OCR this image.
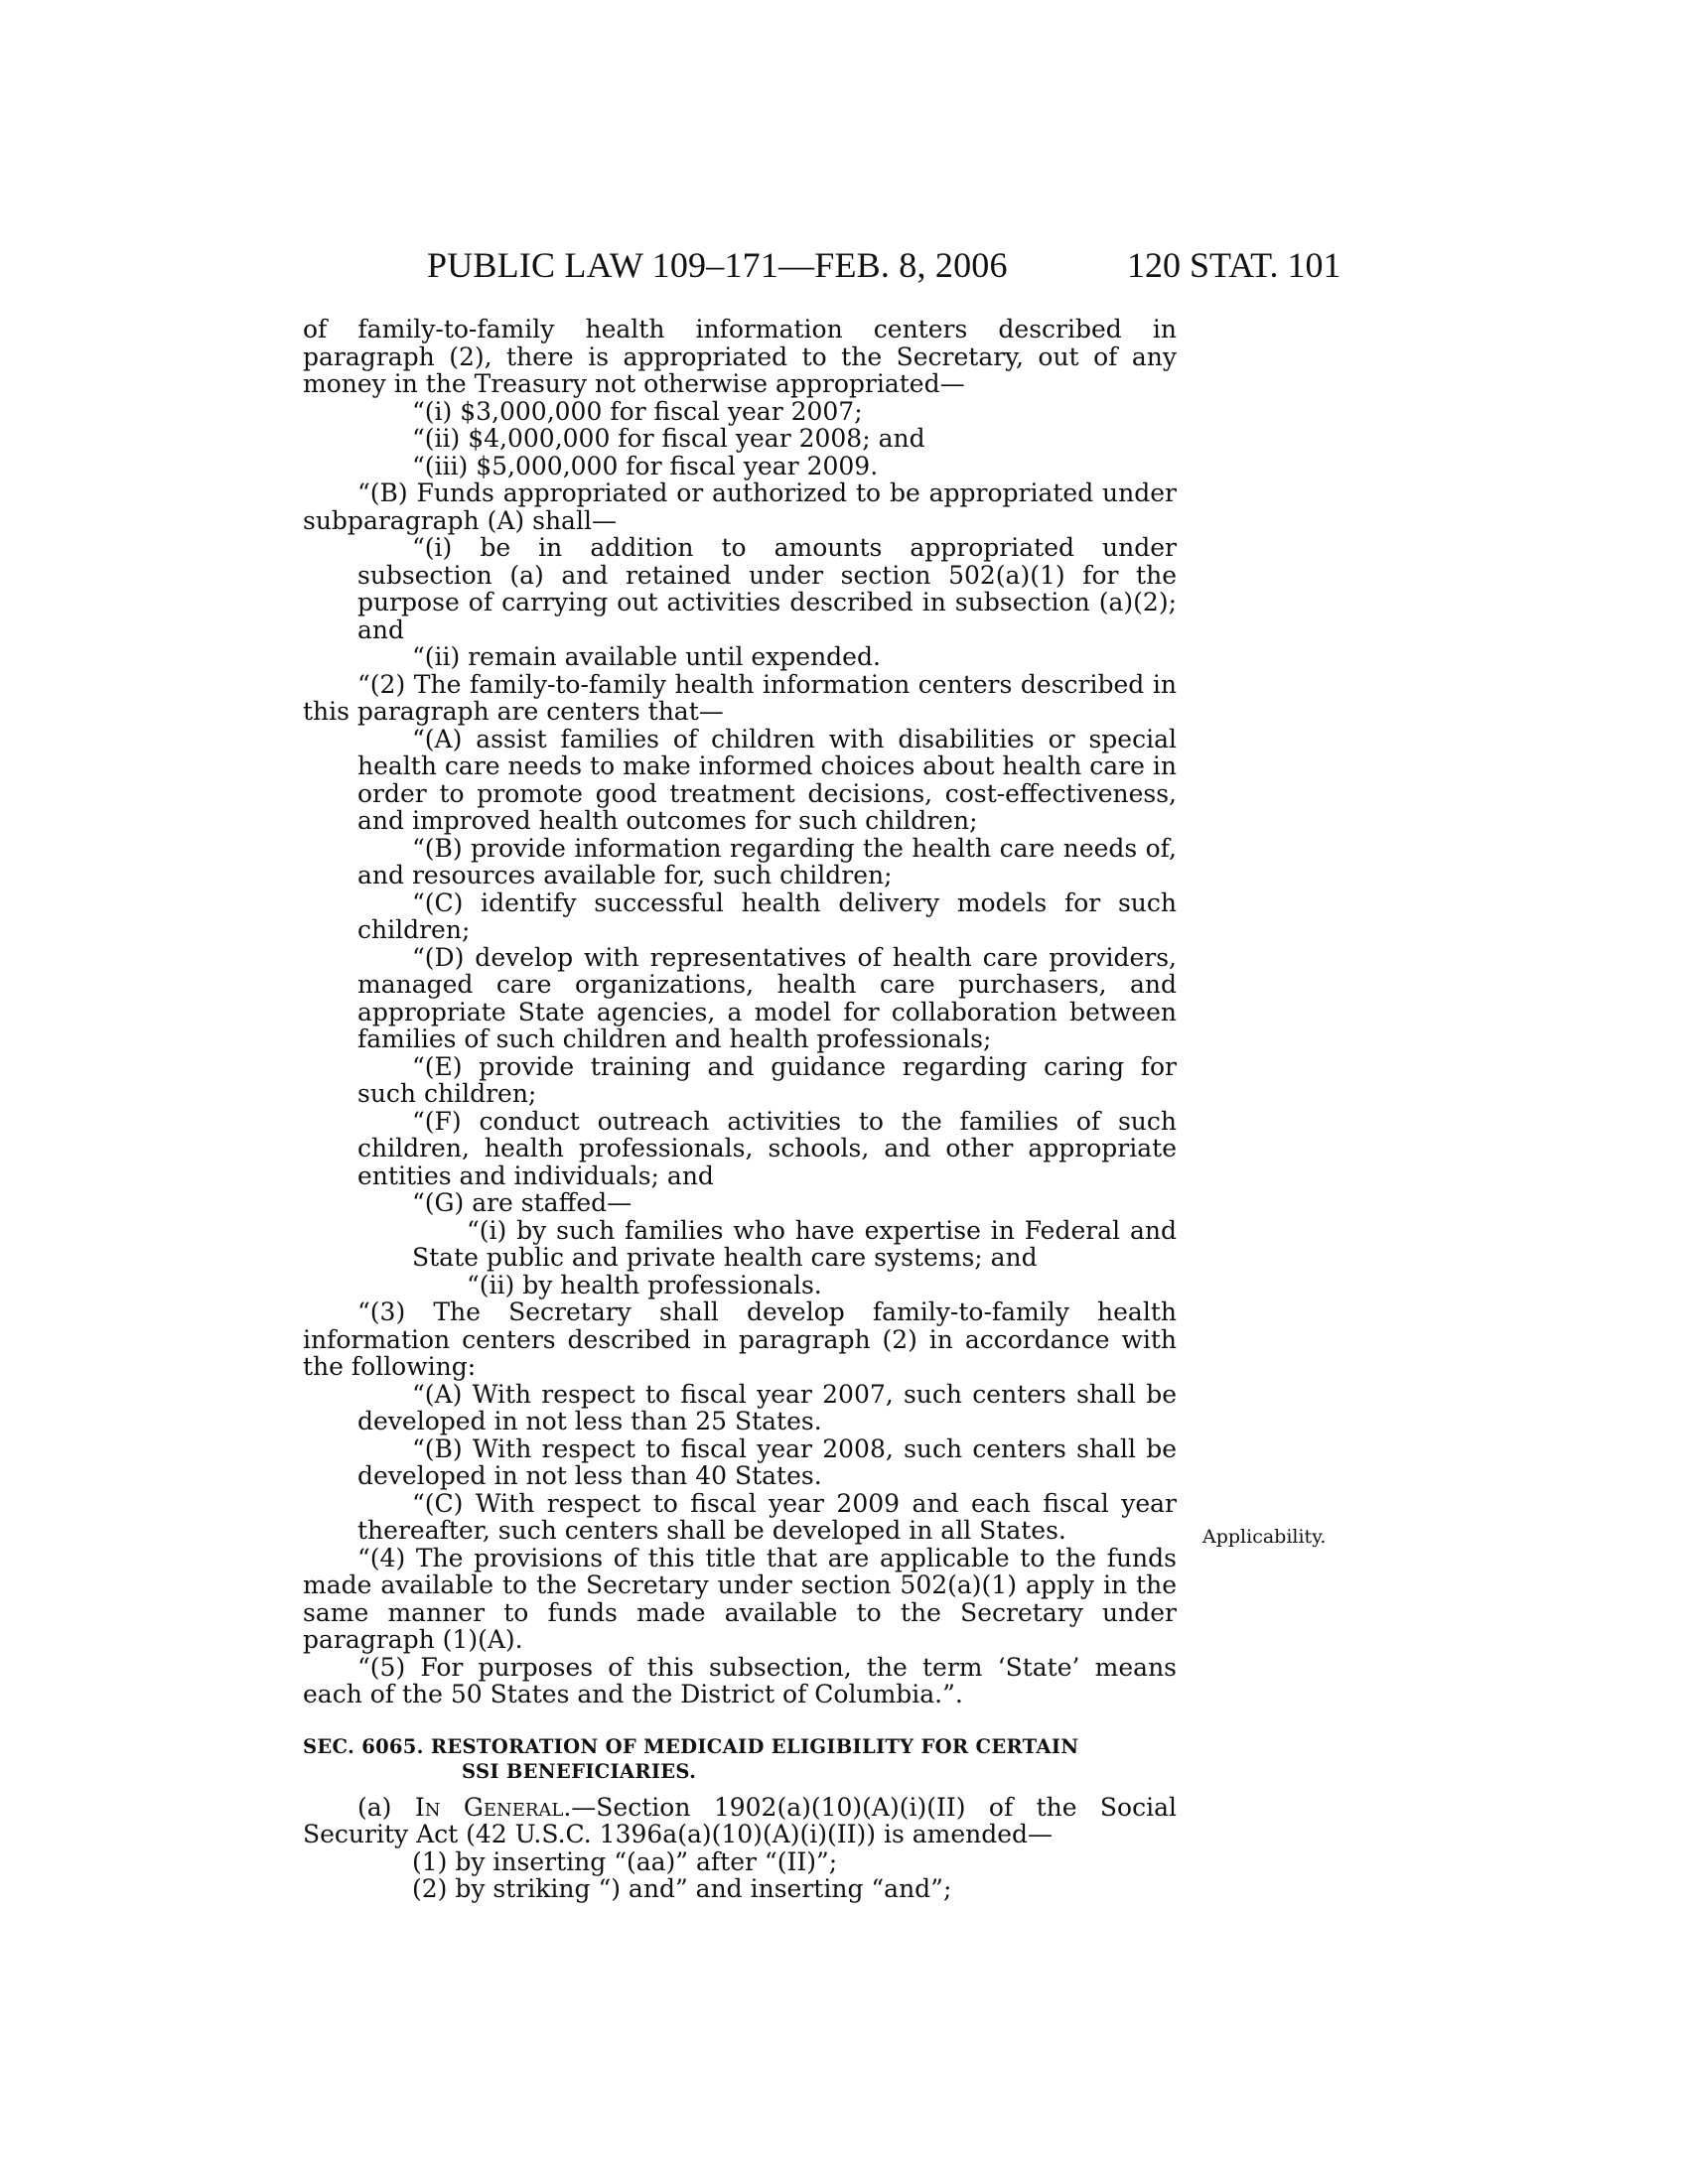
PUBLIC LAW 109–171—FEB. 8, 2006	120 STAT. 101
Applicability.

of family-to-family health information centers described in paragraph (2), there is appropriated to the Secretary, out of any money in the Treasury not otherwise appropriated—

“(i) $3,000,000 for fiscal year 2007;

“(ii) $4,000,000 for fiscal year 2008; and

“(iii) $5,000,000 for fiscal year 2009.

“(B) Funds appropriated or authorized to be appropriated under subparagraph (A) shall—

“(i) be in addition to amounts appropriated under subsection (a) and retained under section 502(a)(1) for the purpose of carrying out activities described in subsection (a)(2); and

“(ii) remain available until expended.

“(2) The family-to-family health information centers described in this paragraph are centers that—

“(A) assist families of children with disabilities or special health care needs to make informed choices about health care in order to promote good treatment decisions, cost-effectiveness, and improved health outcomes for such children;

“(B) provide information regarding the health care needs of, and resources available for, such children;

“(C) identify successful health delivery models for such children;

“(D) develop with representatives of health care providers, managed care organizations, health care purchasers, and appropriate State agencies, a model for collaboration between families of such children and health professionals;

“(E) provide training and guidance regarding caring for such children;

“(F) conduct outreach activities to the families of such children, health professionals, schools, and other appropriate entities and individuals; and

“(G) are staffed—

“(i) by such families who have expertise in Federal and State public and private health care systems; and

“(ii) by health professionals.

“(3) The Secretary shall develop family-to-family health information centers described in paragraph (2) in accordance with the following:

“(A) With respect to fiscal year 2007, such centers shall be developed in not less than 25 States.

“(B) With respect to fiscal year 2008, such centers shall be developed in not less than 40 States.

“(C) With respect to fiscal year 2009 and each fiscal year thereafter, such centers shall be developed in all States.

“(4) The provisions of this title that are applicable to the funds made available to the Secretary under section 502(a)(1) apply in the same manner to funds made available to the Secretary under paragraph (1)(A).

“(5) For purposes of this subsection, the term ‘State’ means each of the 50 States and the District of Columbia.”.

SEC. 6065. RESTORATION OF MEDICAID ELIGIBILITY FOR CERTAIN
SSI BENEFICIARIES.

(a) In General.—Section 1902(a)(10)(A)(i)(II) of the Social Security Act (42 U.S.C. 1396a(a)(10)(A)(i)(II)) is amended—

(1) by inserting “(aa)” after “(II)”;

(2) by striking “) and” and inserting “and”;
